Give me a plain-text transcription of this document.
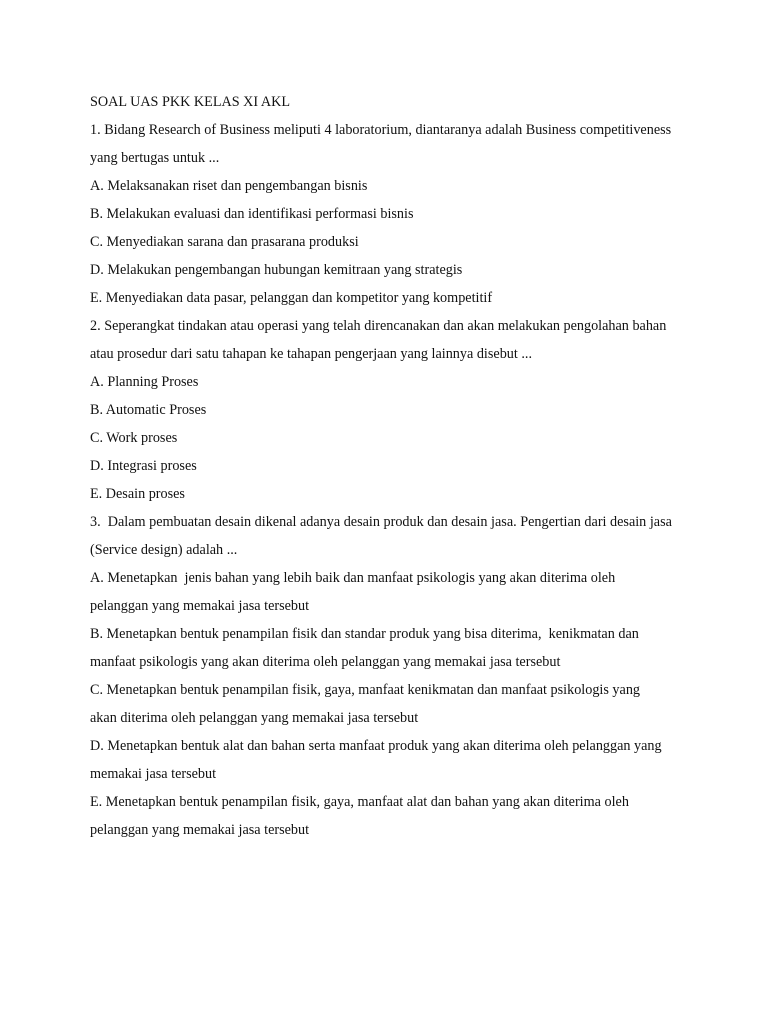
SOAL UAS PKK KELAS XI AKL

1. Bidang Research of Business meliputi 4 laboratorium, diantaranya adalah Business competitiveness

yang bertugas untuk ...

A. Melaksanakan riset dan pengembangan bisnis

B. Melakukan evaluasi dan identifikasi performasi bisnis

C. Menyediakan sarana dan prasarana produksi

D. Melakukan pengembangan hubungan kemitraan yang strategis

E. Menyediakan data pasar, pelanggan dan kompetitor yang kompetitif

2. Seperangkat tindakan atau operasi yang telah direncanakan dan akan melakukan pengolahan bahan

atau prosedur dari satu tahapan ke tahapan pengerjaan yang lainnya disebut ...

A. Planning Proses

B. Automatic Proses

C. Work proses

D. Integrasi proses

E. Desain proses

3.  Dalam pembuatan desain dikenal adanya desain produk dan desain jasa. Pengertian dari desain jasa

(Service design) adalah ...

A. Menetapkan  jenis bahan yang lebih baik dan manfaat psikologis yang akan diterima oleh

pelanggan yang memakai jasa tersebut

B. Menetapkan bentuk penampilan fisik dan standar produk yang bisa diterima,  kenikmatan dan

manfaat psikologis yang akan diterima oleh pelanggan yang memakai jasa tersebut

C. Menetapkan bentuk penampilan fisik, gaya, manfaat kenikmatan dan manfaat psikologis yang

akan diterima oleh pelanggan yang memakai jasa tersebut

D. Menetapkan bentuk alat dan bahan serta manfaat produk yang akan diterima oleh pelanggan yang

memakai jasa tersebut

E. Menetapkan bentuk penampilan fisik, gaya, manfaat alat dan bahan yang akan diterima oleh

pelanggan yang memakai jasa tersebut
